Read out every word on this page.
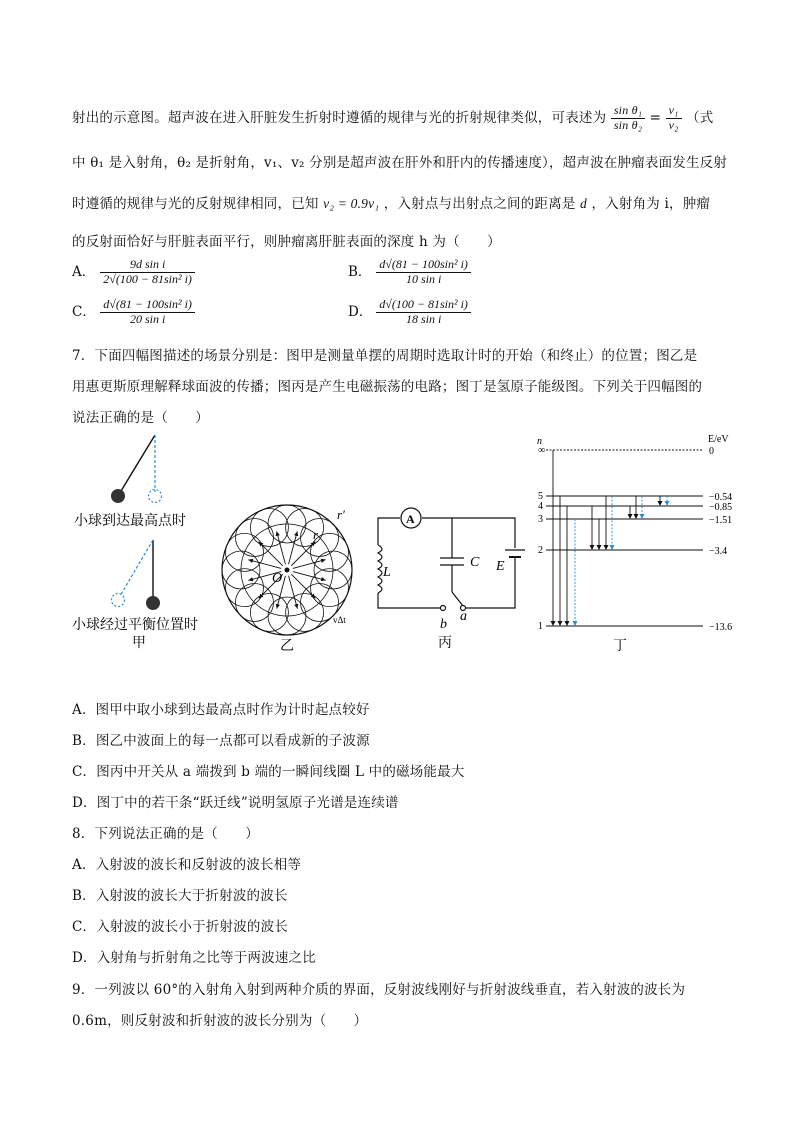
射出的示意图。超声波在进入肝脏发生折射时遵循的规律与光的折射规律类似，可表述为 $\frac{\text{sin θ₁}}{\text{sin θ₂}} = \frac{\text{v₁}}{\text{v₂}}$ （式
中 θ₁ 是入射角，θ₂ 是折射角，v₁、v₂ 分别是超声波在肝外和肝内的传播速度），超声波在肿瘤表面发生反射
时遵循的规律与光的反射规律相同，已知 v₂ = 0.9v₁ ，入射点与出射点之间的距离是 d ，入射角为 i，肿瘤
的反射面恰好与肝脏表面平行，则肿瘤离肝脏表面的深度 h 为（　　）
A． $\frac{\text{9d sin i}}{\text{2√(100 − 81sin² i)}}$	B． $\frac{\text{d√(81 − 100sin² i)}}{\text{10 sin i}}$
C． $\frac{\text{d√(81 − 100sin² i)}}{\text{20 sin i}}$	D． $\frac{\text{d√(100 − 81sin² i)}}{\text{18 sin i}}$
7．下面四幅图描述的场景分别是：图甲是测量单摆的周期时选取计时的开始（和终止）的位置；图乙是
用惠更斯原理解释球面波的传播；图丙是产生电磁振荡的电路；图丁是氢原子能级图。下列关于四幅图的
说法正确的是（　　）
小球到达最高点时
小球经过平衡位置时
甲
O
r
r′
vΔt
乙
A
L
C E
b
a
丙
n	E/eV
∞	0
5	−0.54
4	−0.85
3	−1.51
2	−3.4
1	−13.6
丁
A．图甲中取小球到达最高点时作为计时起点较好
B．图乙中波面上的每一点都可以看成新的子波源
C．图丙中开关从 a 端拨到 b 端的一瞬间线圈 L 中的磁场能最大
D．图丁中的若干条“跃迁线”说明氢原子光谱是连续谱
8．下列说法正确的是（　　）
A．入射波的波长和反射波的波长相等
B．入射波的波长大于折射波的波长
C．入射波的波长小于折射波的波长
D．入射角与折射角之比等于两波速之比
9．一列波以 60°的入射角入射到两种介质的界面，反射波线刚好与折射波线垂直，若入射波的波长为
0.6m，则反射波和折射波的波长分别为（　　）
